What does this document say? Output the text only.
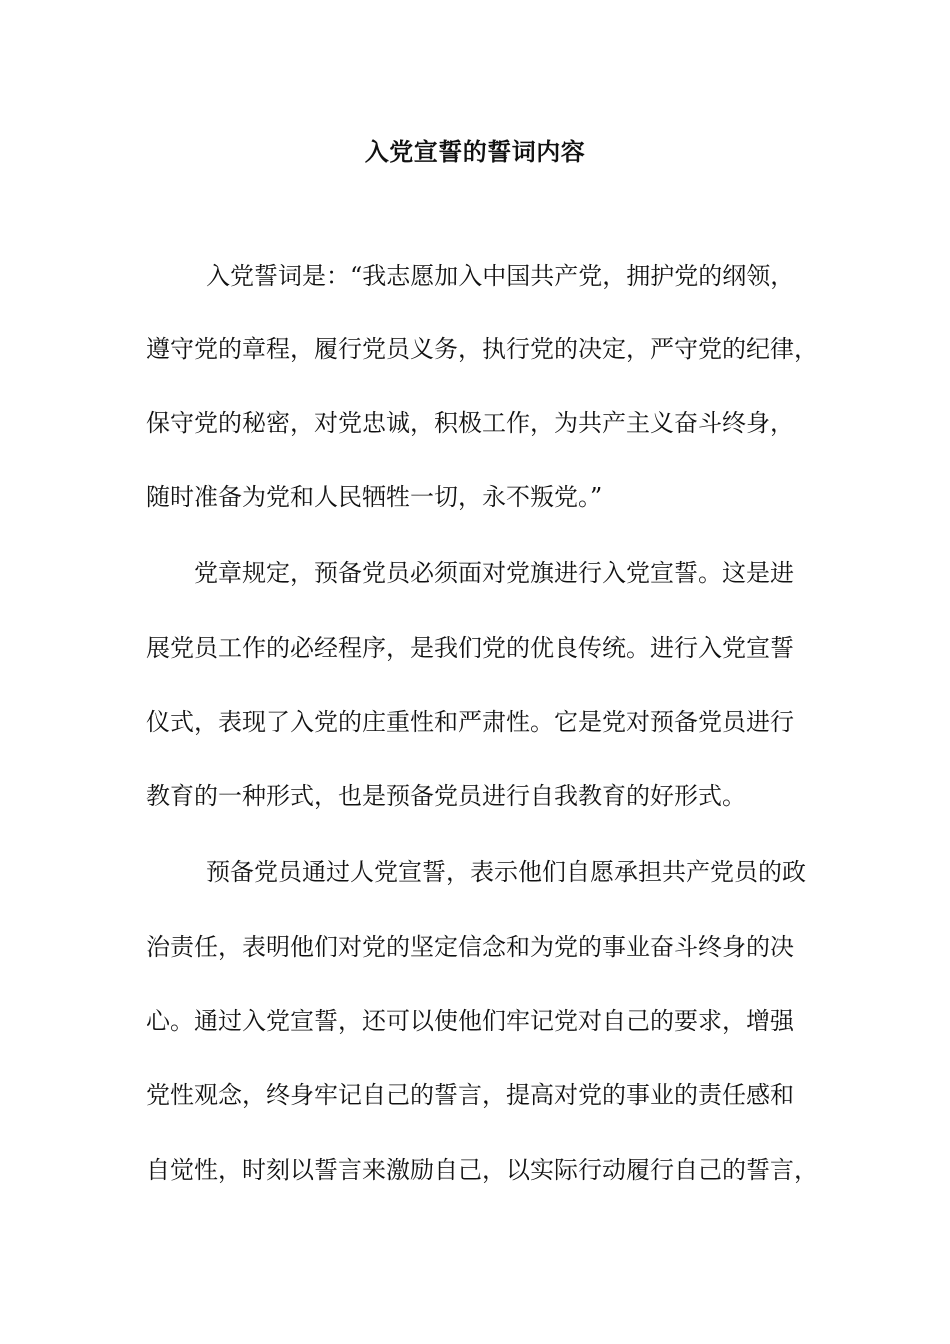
入党宣誓的誓词内容
　入党誓词是：“我志愿加入中国共产党，拥护党的纲领，
遵守党的章程，履行党员义务，执行党的决定，严守党的纪律，
保守党的秘密，对党忠诚，积极工作，为共产主义奋斗终身，
随时准备为党和人民牺牲一切，永不叛党。”
　党章规定，预备党员必须面对党旗进行入党宣誓。这是进
展党员工作的必经程序，是我们党的优良传统。进行入党宣誓
仪式，表现了入党的庄重性和严肃性。它是党对预备党员进行
教育的一种形式，也是预备党员进行自我教育的好形式。
　预备党员通过人党宣誓，表示他们自愿承担共产党员的政
治责任，表明他们对党的坚定信念和为党的事业奋斗终身的决
心。通过入党宣誓，还可以使他们牢记党对自己的要求，增强
党性观念，终身牢记自己的誓言，提高对党的事业的责任感和
自觉性，时刻以誓言来激励自己，以实际行动履行自己的誓言，
